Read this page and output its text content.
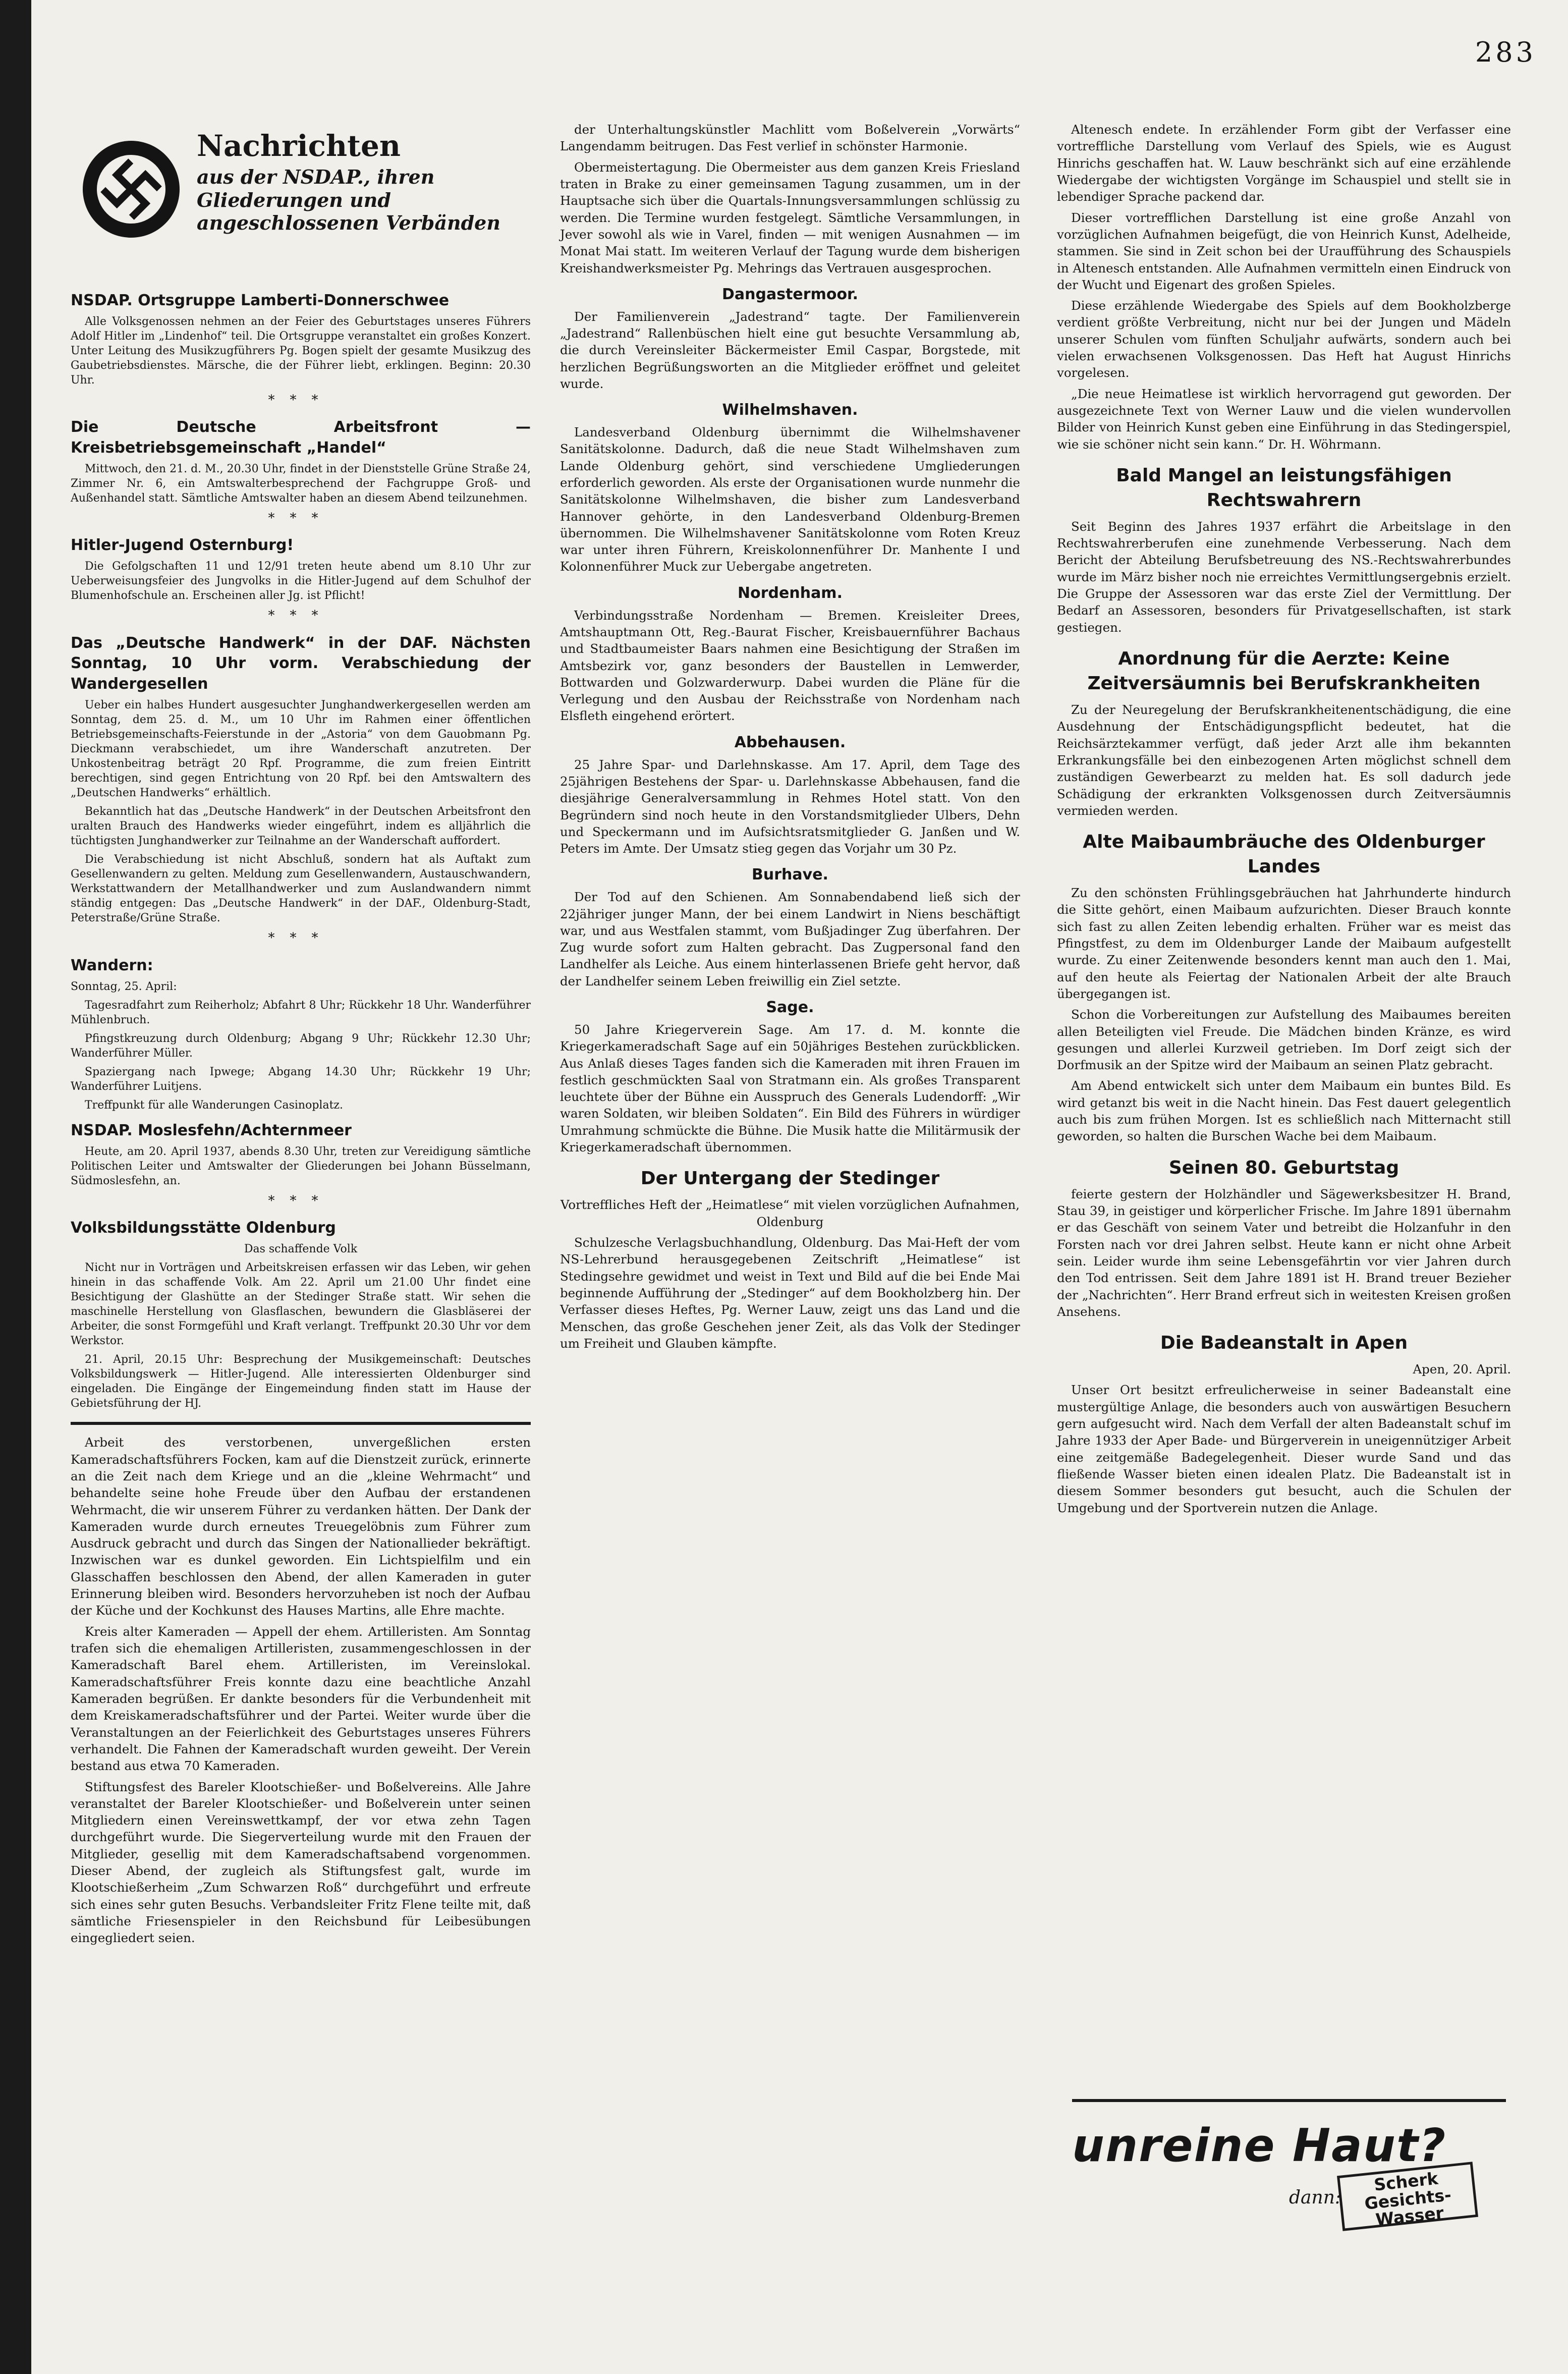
283
Nachrichten
aus der NSDAP., ihren Gliederungen und angeschlossenen Verbänden
NSDAP. Ortsgruppe Lamberti-Donnerschwee

Alle Volksgenossen nehmen an der Feier des Geburtstages unseres Führers Adolf Hitler im „Lindenhof“ teil. Die Ortsgruppe veranstaltet ein großes Konzert. Unter Leitung des Musikzugführers Pg. Bogen spielt der gesamte Musikzug des Gaubetriebsdienstes. Märsche, die der Führer liebt, erklingen. Beginn: 20.30 Uhr.

***
Die Deutsche Arbeitsfront — Kreisbetriebsgemeinschaft „Handel“

Mittwoch, den 21. d. M., 20.30 Uhr, findet in der Dienststelle Grüne Straße 24, Zimmer Nr. 6, ein Amtswalterbesprechend der Fachgruppe Groß- und Außenhandel statt. Sämtliche Amtswalter haben an diesem Abend teilzunehmen.

***
Hitler-Jugend Osternburg!

Die Gefolgschaften 11 und 12/91 treten heute abend um 8.10 Uhr zur Ueberweisungsfeier des Jungvolks in die Hitler-Jugend auf dem Schulhof der Blumenhofschule an. Erscheinen aller Jg. ist Pflicht!

***
Das „Deutsche Handwerk“ in der DAF. Nächsten Sonntag, 10 Uhr vorm. Verabschiedung der Wandergesellen

Ueber ein halbes Hundert ausgesuchter Junghandwerkergesellen werden am Sonntag, dem 25. d. M., um 10 Uhr im Rahmen einer öffentlichen Betriebsgemeinschafts-Feierstunde in der „Astoria“ von dem Gauobmann Pg. Dieckmann verabschiedet, um ihre Wanderschaft anzutreten. Der Unkostenbeitrag beträgt 20 Rpf. Programme, die zum freien Eintritt berechtigen, sind gegen Entrichtung von 20 Rpf. bei den Amtswaltern des „Deutschen Handwerks“ erhältlich.

Bekanntlich hat das „Deutsche Handwerk“ in der Deutschen Arbeitsfront den uralten Brauch des Handwerks wieder eingeführt, indem es alljährlich die tüchtigsten Junghandwerker zur Teilnahme an der Wanderschaft auffordert.

Die Verabschiedung ist nicht Abschluß, sondern hat als Auftakt zum Gesellenwandern zu gelten. Meldung zum Gesellenwandern, Austauschwandern, Werkstattwandern der Metallhandwerker und zum Auslandwandern nimmt ständig entgegen: Das „Deutsche Handwerk“ in der DAF., Oldenburg-Stadt, Peterstraße/Grüne Straße.

***
Wandern:

Sonntag, 25. April:

Tagesradfahrt zum Reiherholz; Abfahrt 8 Uhr; Rückkehr 18 Uhr. Wanderführer Mühlenbruch.

Pfingstkreuzung durch Oldenburg; Abgang 9 Uhr; Rückkehr 12.30 Uhr; Wanderführer Müller.

Spaziergang nach Ipwege; Abgang 14.30 Uhr; Rückkehr 19 Uhr; Wanderführer Luitjens.

Treffpunkt für alle Wanderungen Casinoplatz.

NSDAP. Moslesfehn/Achternmeer

Heute, am 20. April 1937, abends 8.30 Uhr, treten zur Vereidigung sämtliche Politischen Leiter und Amtswalter der Gliederungen bei Johann Büsselmann, Südmoslesfehn, an.

***
Volksbildungsstätte Oldenburg

Das schaffende Volk

Nicht nur in Vorträgen und Arbeitskreisen erfassen wir das Leben, wir gehen hinein in das schaffende Volk. Am 22. April um 21.00 Uhr findet eine Besichtigung der Glashütte an der Stedinger Straße statt. Wir sehen die maschinelle Herstellung von Glasflaschen, bewundern die Glasbläserei der Arbeiter, die sonst Formgefühl und Kraft verlangt. Treffpunkt 20.30 Uhr vor dem Werkstor.

21. April, 20.15 Uhr: Besprechung der Musikgemeinschaft: Deutsches Volksbildungswerk — Hitler-Jugend. Alle interessierten Oldenburger sind eingeladen. Die Eingänge der Eingemeindung finden statt im Hause der Gebietsführung der HJ.

Arbeit des verstorbenen, unvergeßlichen ersten Kameradschaftsführers Focken, kam auf die Dienstzeit zurück, erinnerte an die Zeit nach dem Kriege und an die „kleine Wehrmacht“ und behandelte seine hohe Freude über den Aufbau der erstandenen Wehrmacht, die wir unserem Führer zu verdanken hätten. Der Dank der Kameraden wurde durch erneutes Treuegelöbnis zum Führer zum Ausdruck gebracht und durch das Singen der Nationallieder bekräftigt. Inzwischen war es dunkel geworden. Ein Lichtspielfilm und ein Glasschaffen beschlossen den Abend, der allen Kameraden in guter Erinnerung bleiben wird. Besonders hervorzuheben ist noch der Aufbau der Küche und der Kochkunst des Hauses Martins, alle Ehre machte.

Kreis alter Kameraden — Appell der ehem. Artilleristen. Am Sonntag trafen sich die ehemaligen Artilleristen, zusammengeschlossen in der Kameradschaft Barel ehem. Artilleristen, im Vereinslokal. Kameradschaftsführer Freis konnte dazu eine beachtliche Anzahl Kameraden begrüßen. Er dankte besonders für die Verbundenheit mit dem Kreiskameradschaftsführer und der Partei. Weiter wurde über die Veranstaltungen an der Feierlichkeit des Geburtstages unseres Führers verhandelt. Die Fahnen der Kameradschaft wurden geweiht. Der Verein bestand aus etwa 70 Kameraden.

Stiftungsfest des Bareler Klootschießer- und Boßelvereins. Alle Jahre veranstaltet der Bareler Klootschießer- und Boßelverein unter seinen Mitgliedern einen Vereinswettkampf, der vor etwa zehn Tagen durchgeführt wurde. Die Siegerverteilung wurde mit den Frauen der Mitglieder, gesellig mit dem Kameradschaftsabend vorgenommen. Dieser Abend, der zugleich als Stiftungsfest galt, wurde im Klootschießerheim „Zum Schwarzen Roß“ durchgeführt und erfreute sich eines sehr guten Besuchs. Verbandsleiter Fritz Flene teilte mit, daß sämtliche Friesenspieler in den Reichsbund für Leibesübungen eingegliedert seien.

der Unterhaltungskünstler Machlitt vom Boßelverein „Vorwärts“ Langendamm beitrugen. Das Fest verlief in schönster Harmonie.

Obermeistertagung. Die Obermeister aus dem ganzen Kreis Friesland traten in Brake zu einer gemeinsamen Tagung zusammen, um in der Hauptsache sich über die Quartals-Innungsversammlungen schlüssig zu werden. Die Termine wurden festgelegt. Sämtliche Versammlungen, in Jever sowohl als wie in Varel, finden — mit wenigen Ausnahmen — im Monat Mai statt. Im weiteren Verlauf der Tagung wurde dem bisherigen Kreishandwerksmeister Pg. Mehrings das Vertrauen ausgesprochen.

Dangastermoor.

Der Familienverein „Jadestrand“ tagte. Der Familienverein „Jadestrand“ Rallenbüschen hielt eine gut besuchte Versammlung ab, die durch Vereinsleiter Bäckermeister Emil Caspar, Borgstede, mit herzlichen Begrüßungsworten an die Mitglieder eröffnet und geleitet wurde.

Wilhelmshaven.

Landesverband Oldenburg übernimmt die Wilhelmshavener Sanitätskolonne. Dadurch, daß die neue Stadt Wilhelmshaven zum Lande Oldenburg gehört, sind verschiedene Umgliederungen erforderlich geworden. Als erste der Organisationen wurde nunmehr die Sanitätskolonne Wilhelmshaven, die bisher zum Landesverband Hannover gehörte, in den Landesverband Oldenburg-Bremen übernommen. Die Wilhelmshavener Sanitätskolonne vom Roten Kreuz war unter ihren Führern, Kreiskolonnenführer Dr. Manhente I und Kolonnenführer Muck zur Uebergabe angetreten.

Nordenham.

Verbindungsstraße Nordenham — Bremen. Kreisleiter Drees, Amtshauptmann Ott, Reg.-Baurat Fischer, Kreisbauernführer Bachaus und Stadtbaumeister Baars nahmen eine Besichtigung der Straßen im Amtsbezirk vor, ganz besonders der Baustellen in Lemwerder, Bottwarden und Golzwarderwurp. Dabei wurden die Pläne für die Verlegung und den Ausbau der Reichsstraße von Nordenham nach Elsfleth eingehend erörtert.

Abbehausen.

25 Jahre Spar- und Darlehnskasse. Am 17. April, dem Tage des 25jährigen Bestehens der Spar- u. Darlehnskasse Abbehausen, fand die diesjährige Generalversammlung in Rehmes Hotel statt. Von den Begründern sind noch heute in den Vorstandsmitglieder Ulbers, Dehn und Speckermann und im Aufsichtsratsmitglieder G. Janßen und W. Peters im Amte. Der Umsatz stieg gegen das Vorjahr um 30 Pz.

Burhave.

Der Tod auf den Schienen. Am Sonnabendabend ließ sich der 22jähriger junger Mann, der bei einem Landwirt in Niens beschäftigt war, und aus Westfalen stammt, vom Bußjadinger Zug überfahren. Der Zug wurde sofort zum Halten gebracht. Das Zugpersonal fand den Landhelfer als Leiche. Aus einem hinterlassenen Briefe geht hervor, daß der Landhelfer seinem Leben freiwillig ein Ziel setzte.

Sage.

50 Jahre Kriegerverein Sage. Am 17. d. M. konnte die Kriegerkameradschaft Sage auf ein 50jähriges Bestehen zurückblicken. Aus Anlaß dieses Tages fanden sich die Kameraden mit ihren Frauen im festlich geschmückten Saal von Stratmann ein. Als großes Transparent leuchtete über der Bühne ein Ausspruch des Generals Ludendorff: „Wir waren Soldaten, wir bleiben Soldaten“. Ein Bild des Führers in würdiger Umrahmung schmückte die Bühne. Die Musik hatte die Militärmusik der Kriegerkameradschaft übernommen.

Der Untergang der Stedinger

Vortreffliches Heft der „Heimatlese“ mit vielen vorzüglichen Aufnahmen, Oldenburg

Schulzesche Verlagsbuchhandlung, Oldenburg. Das Mai-Heft der vom NS-Lehrerbund herausgegebenen Zeitschrift „Heimatlese“ ist Stedingsehre gewidmet und weist in Text und Bild auf die bei Ende Mai beginnende Aufführung der „Stedinger“ auf dem Bookholzberg hin. Der Verfasser dieses Heftes, Pg. Werner Lauw, zeigt uns das Land und die Menschen, das große Geschehen jener Zeit, als das Volk der Stedinger um Freiheit und Glauben kämpfte.

Altenesch endete. In erzählender Form gibt der Verfasser eine vortreffliche Darstellung vom Verlauf des Spiels, wie es August Hinrichs geschaffen hat. W. Lauw beschränkt sich auf eine erzählende Wiedergabe der wichtigsten Vorgänge im Schauspiel und stellt sie in lebendiger Sprache packend dar.

Dieser vortrefflichen Darstellung ist eine große Anzahl von vorzüglichen Aufnahmen beigefügt, die von Heinrich Kunst, Adelheide, stammen. Sie sind in Zeit schon bei der Uraufführung des Schauspiels in Altenesch entstanden. Alle Aufnahmen vermitteln einen Eindruck von der Wucht und Eigenart des großen Spieles.

Diese erzählende Wiedergabe des Spiels auf dem Bookholzberge verdient größte Verbreitung, nicht nur bei der Jungen und Mädeln unserer Schulen vom fünften Schuljahr aufwärts, sondern auch bei vielen erwachsenen Volksgenossen. Das Heft hat August Hinrichs vorgelesen.

„Die neue Heimatlese ist wirklich hervorragend gut geworden. Der ausgezeichnete Text von Werner Lauw und die vielen wundervollen Bilder von Heinrich Kunst geben eine Einführung in das Stedingerspiel, wie sie schöner nicht sein kann.“ Dr. H. Wöhrmann.

Bald Mangel an leistungsfähigen Rechtswahrern

Seit Beginn des Jahres 1937 erfährt die Arbeitslage in den Rechtswahrerberufen eine zunehmende Verbesserung. Nach dem Bericht der Abteilung Berufsbetreuung des NS.-Rechtswahrerbundes wurde im März bisher noch nie erreichtes Vermittlungsergebnis erzielt. Die Gruppe der Assessoren war das erste Ziel der Vermittlung. Der Bedarf an Assessoren, besonders für Privatgesellschaften, ist stark gestiegen.

Anordnung für die Aerzte: Keine Zeitversäumnis bei Berufskrankheiten

Zu der Neuregelung der Berufskrankheitenentschädigung, die eine Ausdehnung der Entschädigungspflicht bedeutet, hat die Reichsärztekammer verfügt, daß jeder Arzt alle ihm bekannten Erkrankungsfälle bei den einbezogenen Arten möglichst schnell dem zuständigen Gewerbearzt zu melden hat. Es soll dadurch jede Schädigung der erkrankten Volksgenossen durch Zeitversäumnis vermieden werden.

Alte Maibaumbräuche des Oldenburger Landes

Zu den schönsten Frühlingsgebräuchen hat Jahrhunderte hindurch die Sitte gehört, einen Maibaum aufzurichten. Dieser Brauch konnte sich fast zu allen Zeiten lebendig erhalten. Früher war es meist das Pfingstfest, zu dem im Oldenburger Lande der Maibaum aufgestellt wurde. Zu einer Zeitenwende besonders kennt man auch den 1. Mai, auf den heute als Feiertag der Nationalen Arbeit der alte Brauch übergegangen ist.

Schon die Vorbereitungen zur Aufstellung des Maibaumes bereiten allen Beteiligten viel Freude. Die Mädchen binden Kränze, es wird gesungen und allerlei Kurzweil getrieben. Im Dorf zeigt sich der Dorfmusik an der Spitze wird der Maibaum an seinen Platz gebracht.

Am Abend entwickelt sich unter dem Maibaum ein buntes Bild. Es wird getanzt bis weit in die Nacht hinein. Das Fest dauert gelegentlich auch bis zum frühen Morgen. Ist es schließlich nach Mitternacht still geworden, so halten die Burschen Wache bei dem Maibaum.

Seinen 80. Geburtstag

feierte gestern der Holzhändler und Sägewerksbesitzer H. Brand, Stau 39, in geistiger und körperlicher Frische. Im Jahre 1891 übernahm er das Geschäft von seinem Vater und betreibt die Holzanfuhr in den Forsten nach vor drei Jahren selbst. Heute kann er nicht ohne Arbeit sein. Leider wurde ihm seine Lebensgefährtin vor vier Jahren durch den Tod entrissen. Seit dem Jahre 1891 ist H. Brand treuer Bezieher der „Nachrichten“. Herr Brand erfreut sich in weitesten Kreisen großen Ansehens.

Die Badeanstalt in Apen

Apen, 20. April.

Unser Ort besitzt erfreulicherweise in seiner Badeanstalt eine mustergültige Anlage, die besonders auch von auswärtigen Besuchern gern aufgesucht wird. Nach dem Verfall der alten Badeanstalt schuf im Jahre 1933 der Aper Bade- und Bürgerverein in uneigennütziger Arbeit eine zeitgemäße Badegelegenheit. Dieser wurde Sand und das fließende Wasser bieten einen idealen Platz. Die Badeanstalt ist in diesem Sommer besonders gut besucht, auch die Schulen der Umgebung und der Sportverein nutzen die Anlage.

unreine Haut?
dann:
Scherk Gesichts-Wasser
